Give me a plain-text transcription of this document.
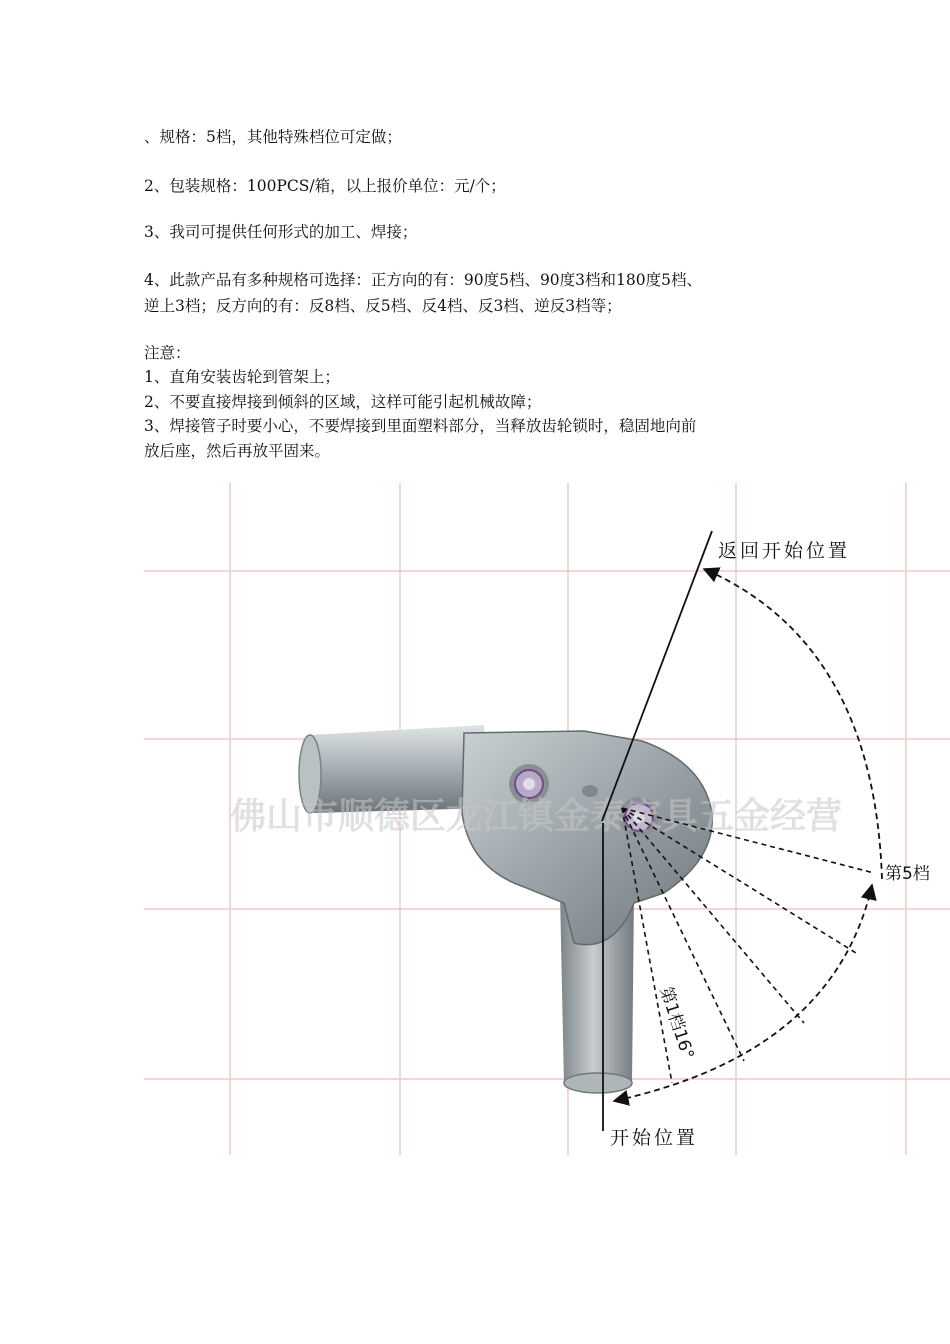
、规格：5档，其他特殊档位可定做；

2、包装规格：100PCS/箱，以上报价单位：元/个；

3、我司可提供任何形式的加工、焊接；

4、此款产品有多种规格可选择：正方向的有：90度5档、90度3档和180度5档、

逆上3档；反方向的有：反8档、反5档、反4档、反3档、逆反3档等；

注意：

1、直角安装齿轮到管架上；

2、不要直接焊接到倾斜的区域，这样可能引起机械故障；

3、焊接管子时要小心，不要焊接到里面塑料部分，当释放齿轮锁时，稳固地向前

放后座，然后再放平固来。

佛山市顺德区龙江镇金泰家具五金经营
返回开始位置
第5档
第1档16°
开始位置
